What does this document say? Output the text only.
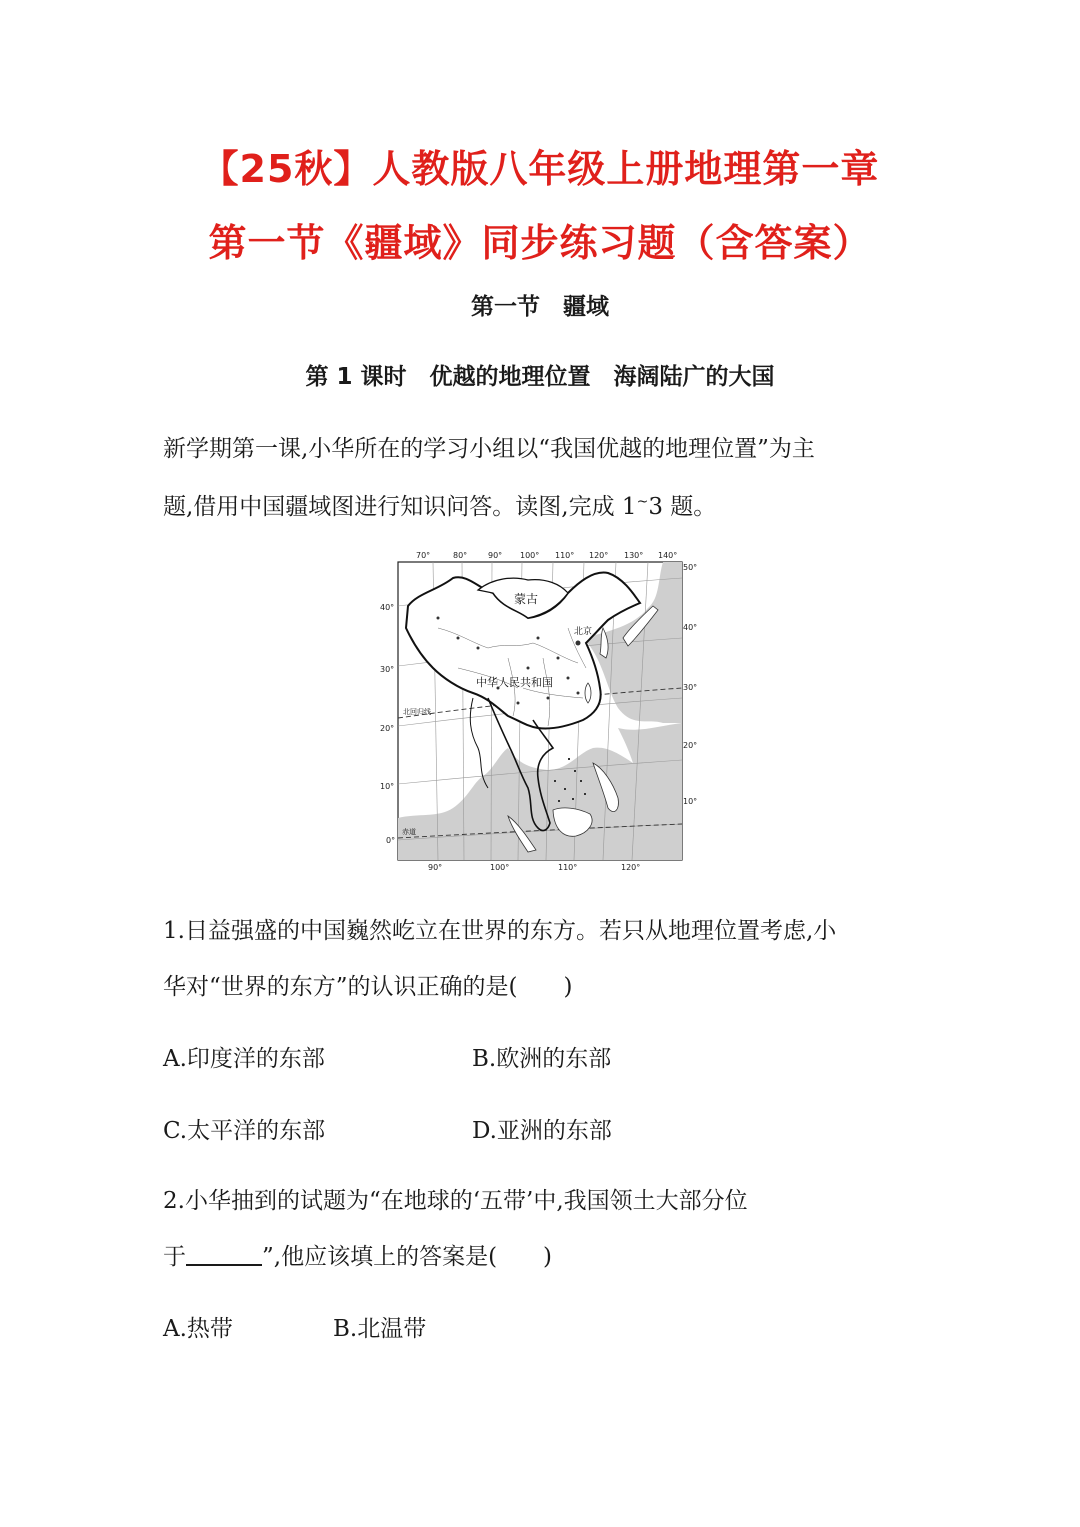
【25秋】人教版八年级上册地理第一章
第一节《疆域》同步练习题（含答案）
第一节　疆域
第 1 课时　优越的地理位置　海阔陆广的大国
新学期第一课,小华所在的学习小组以“我国优越的地理位置”为主
题,借用中国疆域图进行知识问答。读图,完成 1~3 题。
蒙古
北京
中华人民共和国
北回归线
赤道
70°	80°	90° 100° 110° 120° 130° 140°
90°	100°	110°	120°
40°
30°
20°
10°
0°
50°
40°
30°
20°
10°
1.日益强盛的中国巍然屹立在世界的东方。若只从地理位置考虑,小
华对“世界的东方”的认识正确的是(　　)
A.印度洋的东部	B.欧洲的东部
C.太平洋的东部	D.亚洲的东部
2.小华抽到的试题为“在地球的‘五带’中,我国领土大部分位
于	”,他应该填上的答案是(　　)
A.热带	B.北温带
